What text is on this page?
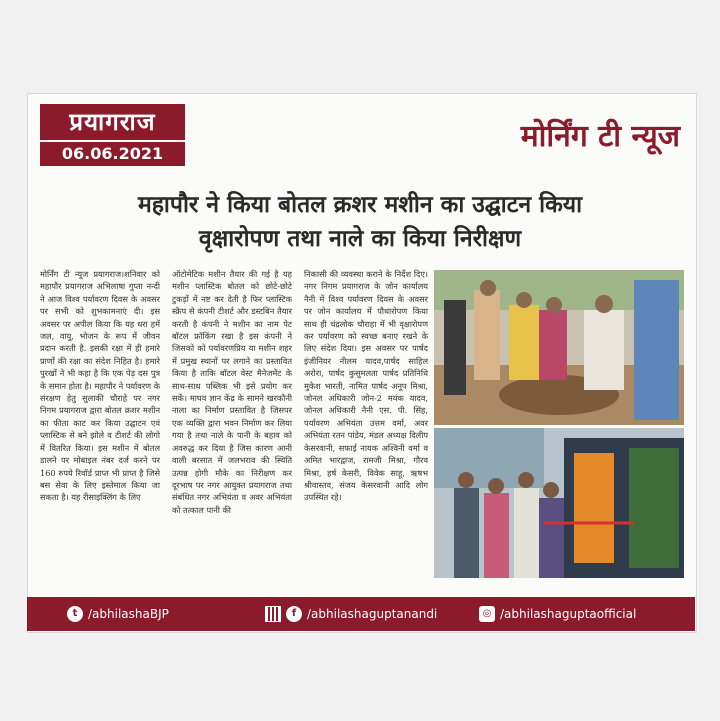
प्रयागराज
06.06.2021	मोर्निंग टी न्यूज
महापौर ने किया बोतल क्रशर मशीन का उद्घाटन किया
वृक्षारोपण तथा नाले का किया निरीक्षण

मोर्निंग टी न्यूज प्रयागराज।शनिवार को महापौर प्रयागराज अभिलाषा गुप्ता नन्दी ने आज विश्व पर्यावरण दिवस के अवसर पर सभी को शुभकामनाएं दी। इस अवसर पर अपील किया कि यह धरा हमें जल, वायु, भोजन के रूप में जीवन प्रदान करती है. इसकी रक्षा में ही हमारे प्राणों की रक्षा का संदेश निहित है। हमारे पुरखों ने भी कहा है कि एक पेड़ दस पुत्र के समान होता है। महापौर ने पर्यावरण के संरक्षण हेतु सुलाकी चौराहे पर नगर निगम प्रयागराज द्वारा बोतल क्रशर मशीन का फीता काट कर किया उद्घाटन एवं प्लास्टिक से बने झोले व टीशर्ट की लोगो में वितरित किया। इस मशीन में बोतल डालने पर मोबाइल नंबर दर्ज करने पर 160 रुपये रिवॉर्ड प्राप्त भी प्राप्त है जिसे बस सेवा के लिए इस्तेमाल किया जा सकता है। यह रीसाइक्लिंग के लिए

ऑटोमेटिक मशीन तैयार की गई है यह मशीन प्लास्टिक बोतल को छोटे-छोटे टुकड़ों में नष्ट कर देती है फिर प्लास्टिक स्क्रैप से कंपनी टीशर्ट और डस्टबिन तैयार करती है कंपनी ने मशीन का नाम पेट बॉटल फ्रॉकिंग रखा है इस कंपनी ने जिसको को पर्यावरणप्रिय या मशीन शहर में प्रमुख स्थानों पर लगाने का प्रस्तावित किया है ताकि बॉटल वेस्ट मैनेजमेंट के साथ-साथ पब्लिक भी इसे प्रयोग कर सकें। माघव ज्ञान केंद्र के सामने खरकौनी नाला का निर्माण प्रस्तावित है जिसपर एक व्यक्ति द्वारा भवन निर्माण कर लिया गया है तथा नाले के पानी के बहाव को अवरुद्ध कर दिया है जिस कारण आनी वाली बरसात में जलभराव की स्थिति उत्पन्न होगी मौके का निरीक्षण कर दूरभाष पर नगर आयुक्त प्रयागराज तथा संबंधित नगर अभियंता व अवर अभियंता को तत्काल पानी की

निकासी की व्यवस्था कराने के निर्देश दिए। नगर निगम प्रयागराज के जोन कार्यालय नैनी में विश्व पर्यावरण दिवस के अवसर पर जोन कार्यालय में पौधारोपण किया साथ ही चंद्रलोक चौराहा में भी वृक्षारोपण कर पर्यावरण को स्वच्छ बनाए रखने के लिए संदेश दिया। इस अवसर पर पार्षद इंजीनियर नीलम यादव,पार्षद साहिल अरोरा, पार्षद कुसुमलता पार्षद प्रतिनिधि मुकेश भारती, नामित पार्षद अनूप मिश्रा, जोनल अधिकारी जोन-2 मयंक यादव, जोनल अधिकारी नैनी एस. पी. सिंह, पर्यावरण अभियंता उत्तम वर्मा, अवर अभियंता रतन पांडेय, मंडल अध्यक्ष दिलीप केसरवानी, सफाई नायक अश्विनी वर्मा व अमित भारद्वाज, रामजी मिश्रा, गौरव मिश्रा, हर्ष केसरी, विवेक साहू, ऋषभ श्रीवास्तव, संजय केसरवानी आदि लोग उपस्थित रहे।

t /abhilashaBJP	f /abhilashaguptanandi	◎ /abhilashaguptaofficial
